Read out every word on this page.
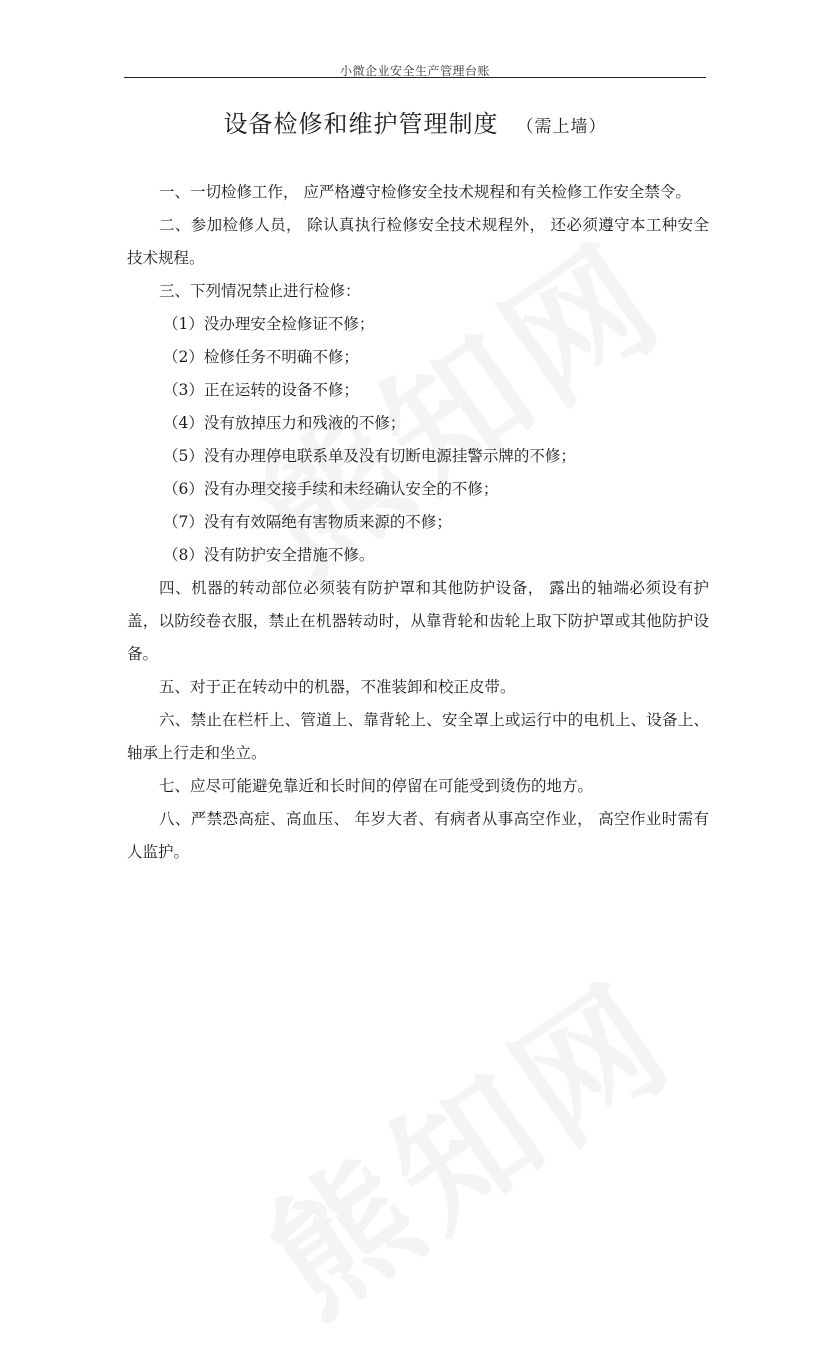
小微企业安全生产管理台账
设备检修和维护管理制度 （需上墙）

一、一切检修工作， 应严格遵守检修安全技术规程和有关检修工作安全禁令。

二、参加检修人员， 除认真执行检修安全技术规程外， 还必须遵守本工种安全技术规程。

三、下列情况禁止进行检修：

（1）没办理安全检修证不修；

（2）检修任务不明确不修；

（3）正在运转的设备不修；

（4）没有放掉压力和残液的不修；

（5）没有办理停电联系单及没有切断电源挂警示牌的不修；

（6）没有办理交接手续和未经确认安全的不修；

（7）没有有效隔绝有害物质来源的不修；

（8）没有防护安全措施不修。

四、机器的转动部位必须装有防护罩和其他防护设备， 露出的轴端必须设有护盖，以防绞卷衣服，禁止在机器转动时，从靠背轮和齿轮上取下防护罩或其他防护设备。

五、对于正在转动中的机器，不准装卸和校正皮带。

六、禁止在栏杆上、管道上、靠背轮上、安全罩上或运行中的电机上、设备上、轴承上行走和坐立。

七、应尽可能避免靠近和长时间的停留在可能受到烫伤的地方。

八、严禁恐高症、高血压、 年岁大者、有病者从事高空作业， 高空作业时需有人监护。
